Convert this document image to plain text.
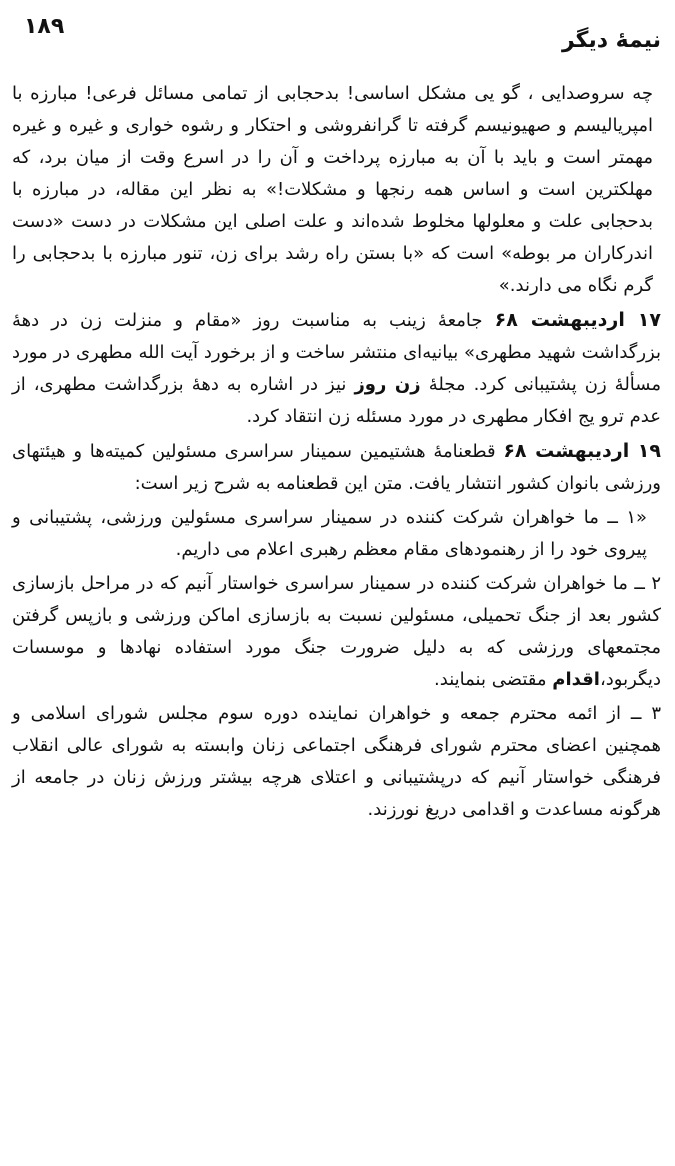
نیمهٔ دیگر
۱۸۹

چه سروصدایی ، گو یی مشکل اساسی! بدحجابی از تمامی مسائل فرعی! مبارزه با امپریالیسم و صهیونیسم گرفته تا گرانفروشی و احتکار و رشوه خواری و غیره و غیره مهمتر است و باید با آن به مبارزه پرداخت و آن را در اسرع وقت از میان برد، که مهلکترین است و اساس همه رنجها و مشکلات!» به نظر این مقاله، در مبارزه با بدحجابی علت و معلولها مخلوط شده‌اند و علت اصلی این مشکلات در دست «دست اندرکاران مر بوطه» است که «با بستن راه رشد برای زن، تنور مبارزه با بدحجابی را گرم نگاه می دارند.»

۱۷ اردیبهشت ۶۸ جامعهٔ زینب به مناسبت روز «مقام و منزلت زن در دههٔ بزرگداشت شهید مطهری» بیانیه‌ای منتشر ساخت و از برخورد آیت الله مطهری در مورد مسألهٔ زن پشتیبانی کرد. مجلهٔ زن روز نیز در اشاره به دههٔ بزرگداشت مطهری، از عدم ترو یج افکار مطهری در مورد مسئله زن انتقاد کرد.

۱۹ اردیبهشت ۶۸ قطعنامهٔ هشتیمین سمینار سراسری مسئولین کمیته‌ها و هیئتهای ورزشی بانوان کشور انتشار یافت. متن این قطعنامه به شرح زیر است:

«۱ ــ ما خواهران شرکت کننده در سمینار سراسری مسئولین ورزشی، پشتیبانی و پیروی خود را از رهنمودهای مقام معظم رهبری اعلام می داریم.

۲ ــ ما خواهران شرکت کننده در سمینار سراسری خواستار آنیم که در مراحل بازسازی کشور بعد از جنگ تحمیلی، مسئولین نسبت به بازسازی اماکن ورزشی و بازپس گرفتن مجتمعهای ورزشی که به دلیل ضرورت جنگ مورد استفاده نهادها و موسسات دیگربود،اقدام مقتضی بنمایند.

۳ ــ از ائمه محترم جمعه و خواهران نماینده دوره سوم مجلس شورای اسلامی و همچنین اعضای محترم شورای فرهنگی اجتماعی زنان وابسته به شورای عالی انقلاب فرهنگی خواستار آنیم که درپشتیبانی و اعتلای هرچه بیشتر ورزش زنان در جامعه از هرگونه مساعدت و اقدامی دریغ نورزند.
